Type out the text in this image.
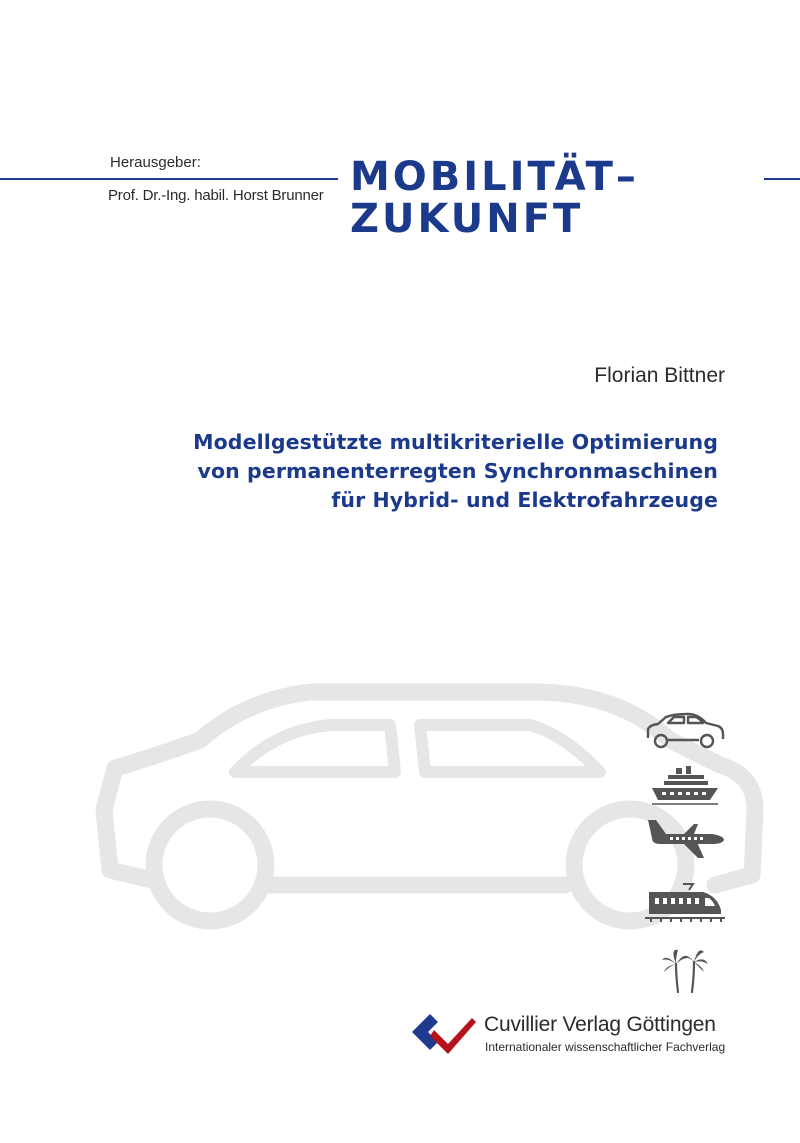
Herausgeber:
Prof. Dr.-Ing. habil. Horst Brunner MOBILITÄT–
ZUKUNFT
Florian Bittner
Modellgestützte multikriterielle Optimierung
von permanenterregten Synchronmaschinen
für Hybrid- und Elektrofahrzeuge
Cuvillier Verlag Göttingen
Internationaler wissenschaftlicher Fachverlag
